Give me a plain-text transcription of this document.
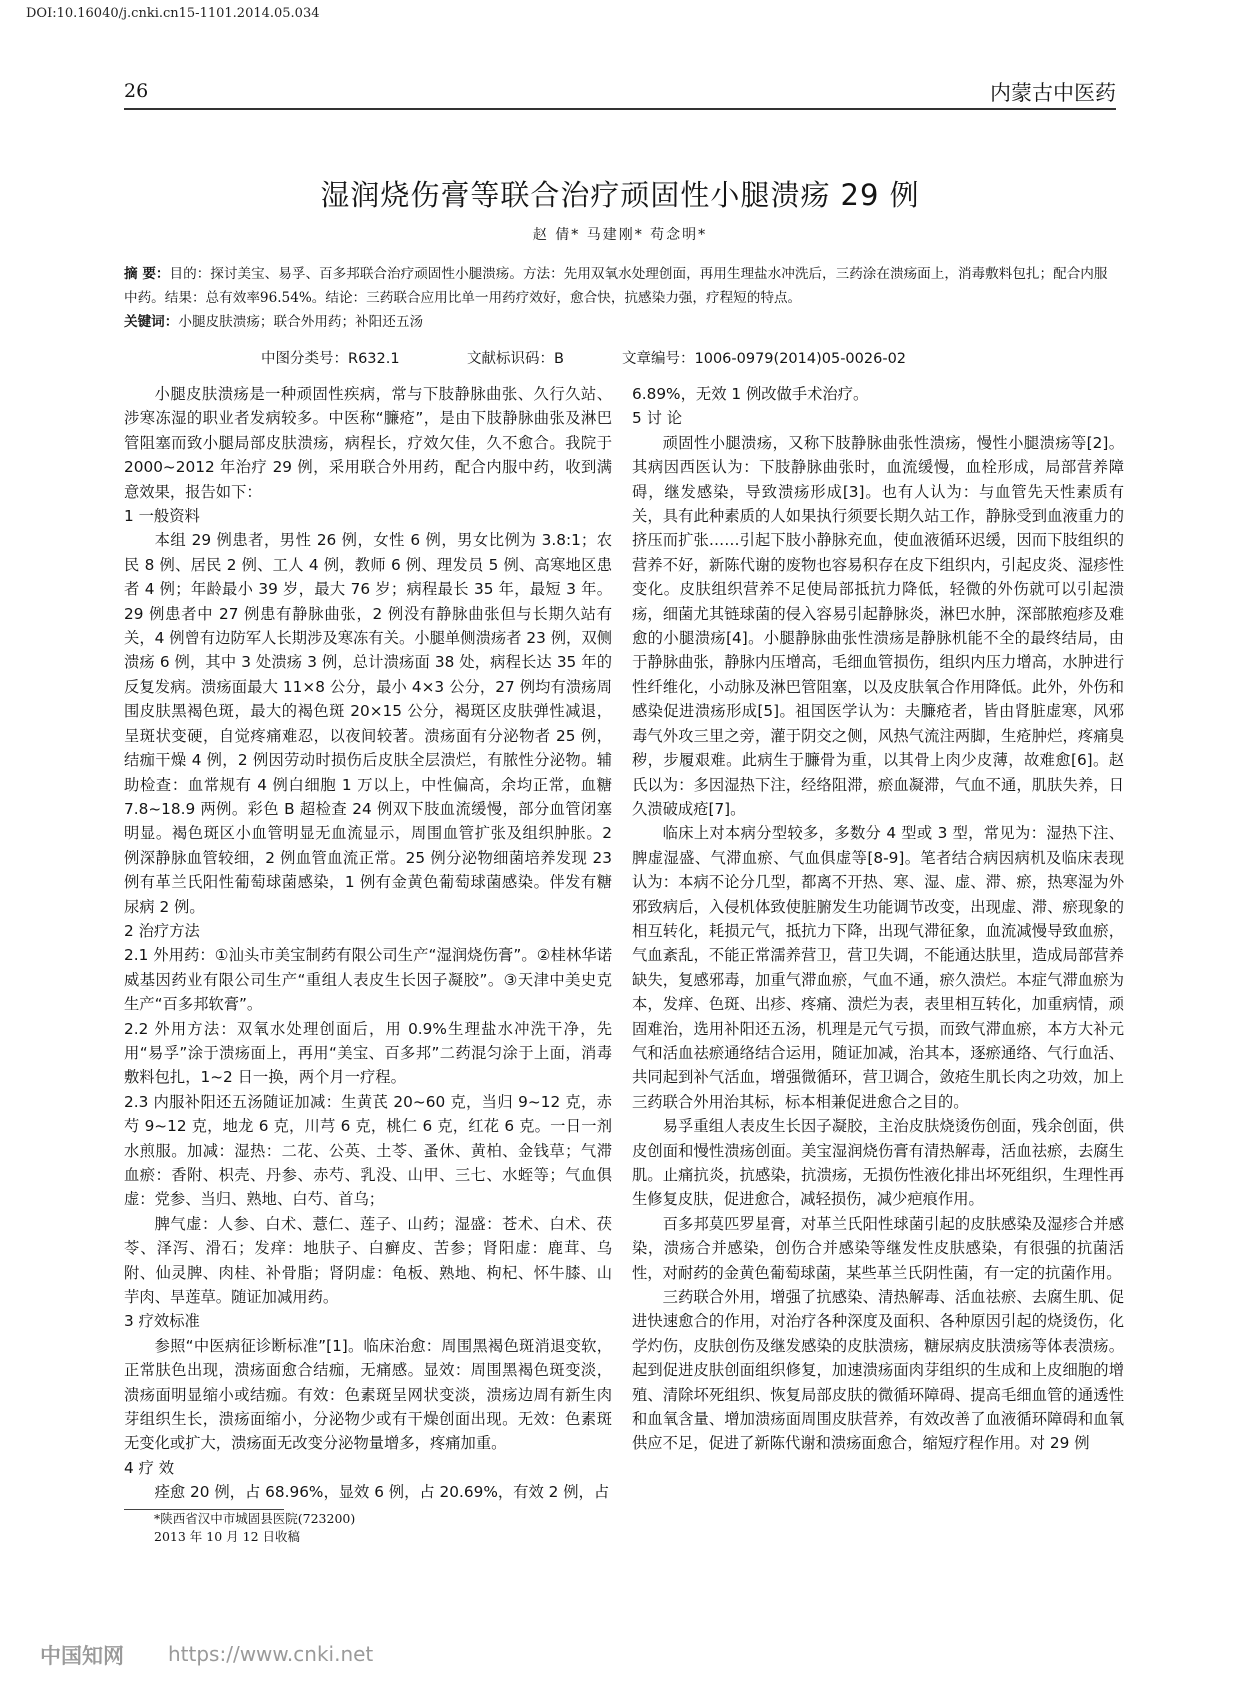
DOI:10.16040/j.cnki.cn15-1101.2014.05.034
26	内蒙古中医药
湿润烧伤膏等联合治疗顽固性小腿溃疡 29 例
赵 倩* 马建刚* 苟念明*
摘 要：目的：探讨美宝、易孚、百多邦联合治疗顽固性小腿溃疡。方法：先用双氧水处理创面，再用生理盐水冲洗后，三药涂在溃疡面上，消毒敷料包扎；配合内服中药。结果：总有效率96.54%。结论：三药联合应用比单一用药疗效好，愈合快，抗感染力强，疗程短的特点。
关键词：小腿皮肤溃疡；联合外用药；补阳还五汤
中图分类号：R632.1	文献标识码：B	文章编号：1006-0979(2014)05-0026-02

小腿皮肤溃疡是一种顽固性疾病，常与下肢静脉曲张、久行久站、涉寒冻湿的职业者发病较多。中医称“臁疮”，是由下肢静脉曲张及淋巴管阻塞而致小腿局部皮肤溃疡，病程长，疗效欠佳，久不愈合。我院于 2000~2012 年治疗 29 例，采用联合外用药，配合内服中药，收到满意效果，报告如下：

1 一般资料

本组 29 例患者，男性 26 例，女性 6 例，男女比例为 3.8:1；农民 8 例、居民 2 例、工人 4 例，教师 6 例、理发员 5 例、高寒地区患者 4 例；年龄最小 39 岁，最大 76 岁；病程最长 35 年，最短 3 年。29 例患者中 27 例患有静脉曲张，2 例没有静脉曲张但与长期久站有关，4 例曾有边防军人长期涉及寒冻有关。小腿单侧溃疡者 23 例，双侧溃疡 6 例，其中 3 处溃疡 3 例，总计溃疡面 38 处，病程长达 35 年的反复发病。溃疡面最大 11×8 公分，最小 4×3 公分，27 例均有溃疡周围皮肤黑褐色斑，最大的褐色斑 20×15 公分，褐斑区皮肤弹性减退，呈斑状变硬，自觉疼痛难忍，以夜间较著。溃疡面有分泌物者 25 例，结痂干燥 4 例，2 例因劳动时损伤后皮肤全层溃烂，有脓性分泌物。辅助检查：血常规有 4 例白细胞 1 万以上，中性偏高，余均正常，血糖 7.8~18.9 两例。彩色 B 超检查 24 例双下肢血流缓慢，部分血管闭塞明显。褐色斑区小血管明显无血流显示，周围血管扩张及组织肿胀。2 例深静脉血管较细，2 例血管血流正常。25 例分泌物细菌培养发现 23 例有革兰氏阳性葡萄球菌感染，1 例有金黄色葡萄球菌感染。伴发有糖尿病 2 例。

2 治疗方法

2.1 外用药：①汕头市美宝制药有限公司生产“湿润烧伤膏”。②桂林华诺威基因药业有限公司生产“重组人表皮生长因子凝胶”。③天津中美史克生产“百多邦软膏”。

2.2 外用方法：双氧水处理创面后，用 0.9%生理盐水冲洗干净，先用“易孚”涂于溃疡面上，再用“美宝、百多邦”二药混匀涂于上面，消毒敷料包扎，1~2 日一换，两个月一疗程。

2.3 内服补阳还五汤随证加减：生黄芪 20~60 克，当归 9~12 克，赤芍 9~12 克，地龙 6 克，川芎 6 克，桃仁 6 克，红花 6 克。一日一剂水煎服。加减：湿热：二花、公英、土苓、蚤休、黄柏、金钱草；气滞血瘀：香附、枳壳、丹参、赤芍、乳没、山甲、三七、水蛭等；气血俱虚：党参、当归、熟地、白芍、首乌；

脾气虚：人参、白术、薏仁、莲子、山药；湿盛：苍术、白术、茯苓、泽泻、滑石；发痒：地肤子、白癣皮、苦参；肾阳虚：鹿茸、乌附、仙灵脾、肉桂、补骨脂；肾阴虚：龟板、熟地、枸杞、怀牛膝、山芋肉、旱莲草。随证加减用药。

3 疗效标准

参照“中医病征诊断标准”[1]。临床治愈：周围黑褐色斑消退变软，正常肤色出现，溃疡面愈合结痂，无痛感。显效：周围黑褐色斑变淡，溃疡面明显缩小或结痂。有效：色素斑呈网状变淡，溃疡边周有新生肉芽组织生长，溃疡面缩小，分泌物少或有干燥创面出现。无效：色素斑无变化或扩大，溃疡面无改变分泌物量增多，疼痛加重。

4 疗 效

痊愈 20 例，占 68.96%，显效 6 例，占 20.69%，有效 2 例，占

*陕西省汉中市城固县医院(723200)
2013 年 10 月 12 日收稿

6.89%，无效 1 例改做手术治疗。

5 讨 论

顽固性小腿溃疡，又称下肢静脉曲张性溃疡，慢性小腿溃疡等[2]。其病因西医认为：下肢静脉曲张时，血流缓慢，血栓形成，局部营养障碍，继发感染，导致溃疡形成[3]。也有人认为：与血管先天性素质有关，具有此种素质的人如果执行须要长期久站工作，静脉受到血液重力的挤压而扩张……引起下肢小静脉充血，使血液循环迟缓，因而下肢组织的营养不好，新陈代谢的废物也容易积存在皮下组织内，引起皮炎、湿疹性变化。皮肤组织营养不足使局部抵抗力降低，轻微的外伤就可以引起溃疡，细菌尤其链球菌的侵入容易引起静脉炎，淋巴水肿，深部脓疱疹及难愈的小腿溃疡[4]。小腿静脉曲张性溃疡是静脉机能不全的最终结局，由于静脉曲张，静脉内压增高，毛细血管损伤，组织内压力增高，水肿进行性纤维化，小动脉及淋巴管阻塞，以及皮肤氧合作用降低。此外，外伤和感染促进溃疡形成[5]。祖国医学认为：夫臁疮者，皆由肾脏虚寒，风邪毒气外攻三里之旁，灌于阴交之侧，风热气流注两脚，生疮肿烂，疼痛臭秽，步履艰难。此病生于臁骨为重，以其骨上肉少皮薄，故难愈[6]。赵氏以为：多因湿热下注，经络阻滞，瘀血凝滞，气血不通，肌肤失养，日久溃破成疮[7]。

临床上对本病分型较多，多数分 4 型或 3 型，常见为：湿热下注、脾虚湿盛、气滞血瘀、气血俱虚等[8-9]。笔者结合病因病机及临床表现认为：本病不论分几型，都离不开热、寒、湿、虚、滞、瘀，热寒湿为外邪致病后，入侵机体致使脏腑发生功能调节改变，出现虚、滞、瘀现象的相互转化，耗损元气，抵抗力下降，出现气滞征象，血流减慢导致血瘀，气血紊乱，不能正常濡养营卫，营卫失调，不能通达肤里，造成局部营养缺失，复感邪毒，加重气滞血瘀，气血不通，瘀久溃烂。本症气滞血瘀为本，发痒、色斑、出疹、疼痛、溃烂为表，表里相互转化，加重病情，顽固难治，选用补阳还五汤，机理是元气亏损，而致气滞血瘀，本方大补元气和活血祛瘀通络结合运用，随证加减，治其本，逐瘀通络、气行血活、共同起到补气活血，增强微循环，营卫调合，敛疮生肌长肉之功效，加上三药联合外用治其标，标本相兼促进愈合之目的。

易孚重组人表皮生长因子凝胶，主治皮肤烧烫伤创面，残余创面，供皮创面和慢性溃疡创面。美宝湿润烧伤膏有清热解毒，活血祛瘀，去腐生肌。止痛抗炎，抗感染，抗溃疡，无损伤性液化排出坏死组织，生理性再生修复皮肤，促进愈合，减轻损伤，减少疤痕作用。

百多邦莫匹罗星膏，对革兰氏阳性球菌引起的皮肤感染及湿疹合并感染，溃疡合并感染，创伤合并感染等继发性皮肤感染，有很强的抗菌活性，对耐药的金黄色葡萄球菌，某些革兰氏阴性菌，有一定的抗菌作用。

三药联合外用，增强了抗感染、清热解毒、活血祛瘀、去腐生肌、促进快速愈合的作用，对治疗各种深度及面积、各种原因引起的烧烫伤，化学灼伤，皮肤创伤及继发感染的皮肤溃疡，糖尿病皮肤溃疡等体表溃疡。起到促进皮肤创面组织修复，加速溃疡面肉芽组织的生成和上皮细胞的增殖、清除坏死组织、恢复局部皮肤的微循环障碍、提高毛细血管的通透性和血氧含量、增加溃疡面周围皮肤营养，有效改善了血液循环障碍和血氧供应不足，促进了新陈代谢和溃疡面愈合，缩短疗程作用。对 29 例

中国知网 https://www.cnki.net
